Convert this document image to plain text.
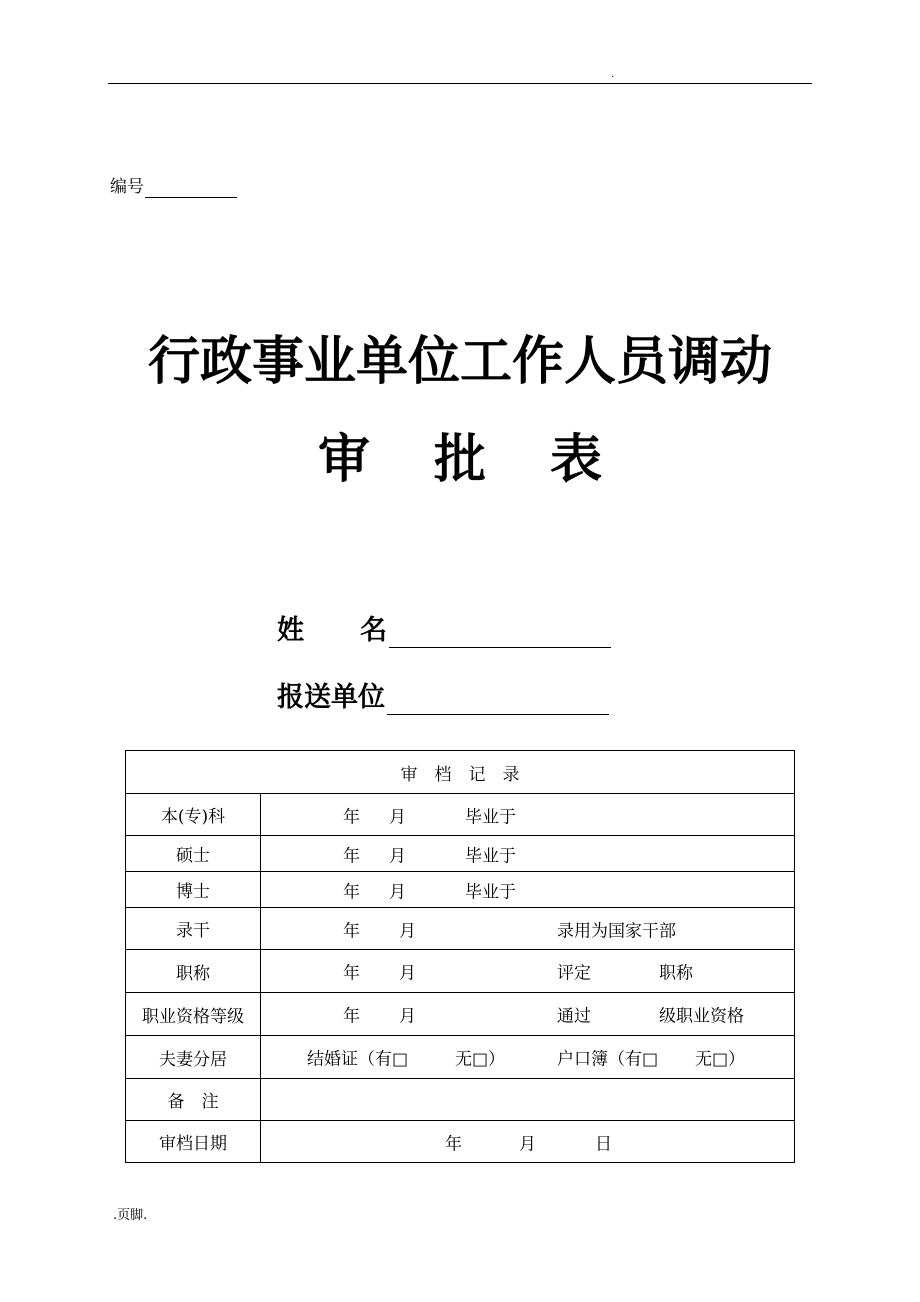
.
编号
行政事业单位工作人员调动
审批表
姓 名
报送单位
审　档　记　录	
本(专)科	年 月 毕业于

硕士	年 月 毕业于

博士	年 月 毕业于

录干	年 月 录用为国家干部

职称	年 月 评定 职称

职业资格等级	年 月 通过 级职业资格

夫妻分居	结婚证（有□ 无□） 户口簿（有□ 无□）

备　注	
审档日期	年 月 日
.页脚.
